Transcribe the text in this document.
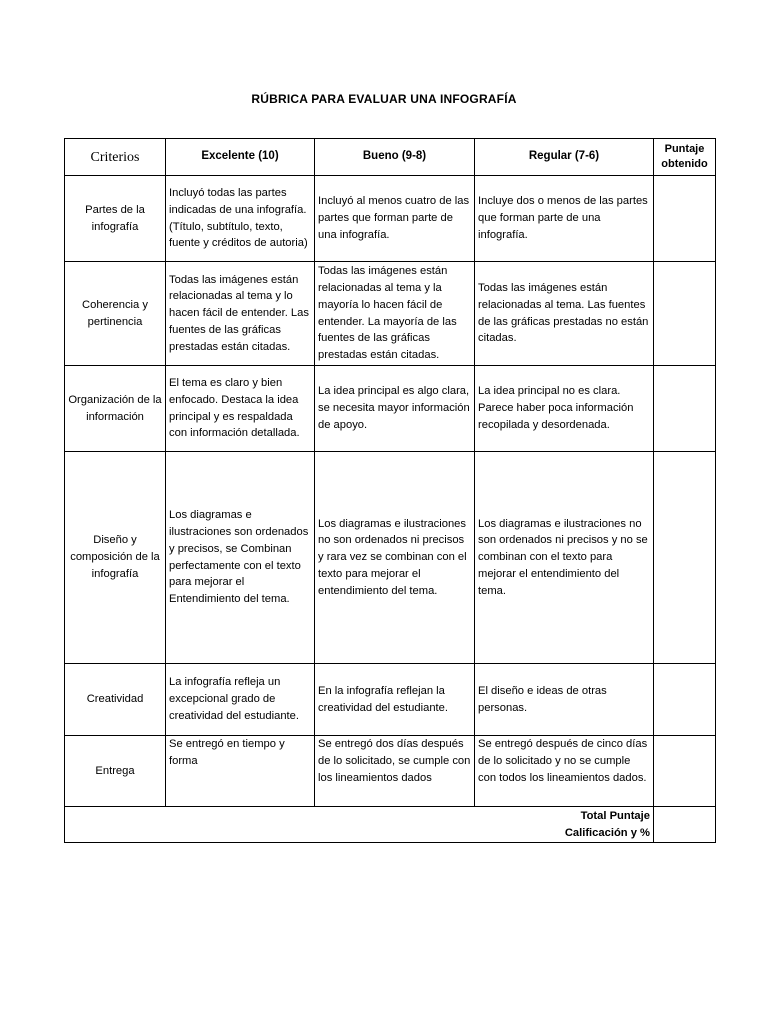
RÚBRICA PARA EVALUAR UNA INFOGRAFÍA
Criterios	Excelente (10)	Bueno (9-8)	Regular (7-6)	Puntaje obtenido
Partes de la infografía	Incluyó todas las partes indicadas de una infografía. (Título, subtítulo, texto, fuente y créditos de autoria)	Incluyó al menos cuatro de las partes que forman parte de una infografía.	Incluye dos o menos de las partes que forman parte de una infografía.	
Coherencia y pertinencia	Todas las imágenes están relacionadas al tema y lo hacen fácil de entender. Las fuentes de las gráficas prestadas están citadas.	Todas las imágenes están relacionadas al tema y la mayoría lo hacen fácil de entender. La mayoría de las fuentes de las gráficas prestadas están citadas.	Todas las imágenes están relacionadas al tema. Las fuentes de las gráficas prestadas no están citadas.	
Organización de la información	El tema es claro y bien enfocado. Destaca la idea principal y es respaldada con información detallada.	La idea principal es algo clara, se necesita mayor información de apoyo.	La idea principal no es clara. Parece haber poca información recopilada y desordenada.	
Diseño y composición de la infografía	Los diagramas e ilustraciones son ordenados y precisos, se Combinan perfectamente con el texto para mejorar el Entendimiento del tema.	Los diagramas e ilustraciones no son ordenados ni precisos y rara vez se combinan con el texto para mejorar el entendimiento del tema.	Los diagramas e ilustraciones no son ordenados ni precisos y no se combinan con el texto para mejorar el entendimiento del tema.	
Creatividad	La infografía refleja un excepcional grado de creatividad del estudiante.	En la infografía reflejan la creatividad del estudiante.	El diseño e ideas de otras personas.	
Entrega	Se entregó en tiempo y forma	Se entregó dos días después de lo solicitado, se cumple con los lineamientos dados	Se entregó después de cinco días de lo solicitado y no se cumple con todos los lineamientos dados.	

Total Puntaje
Calificación y %				
